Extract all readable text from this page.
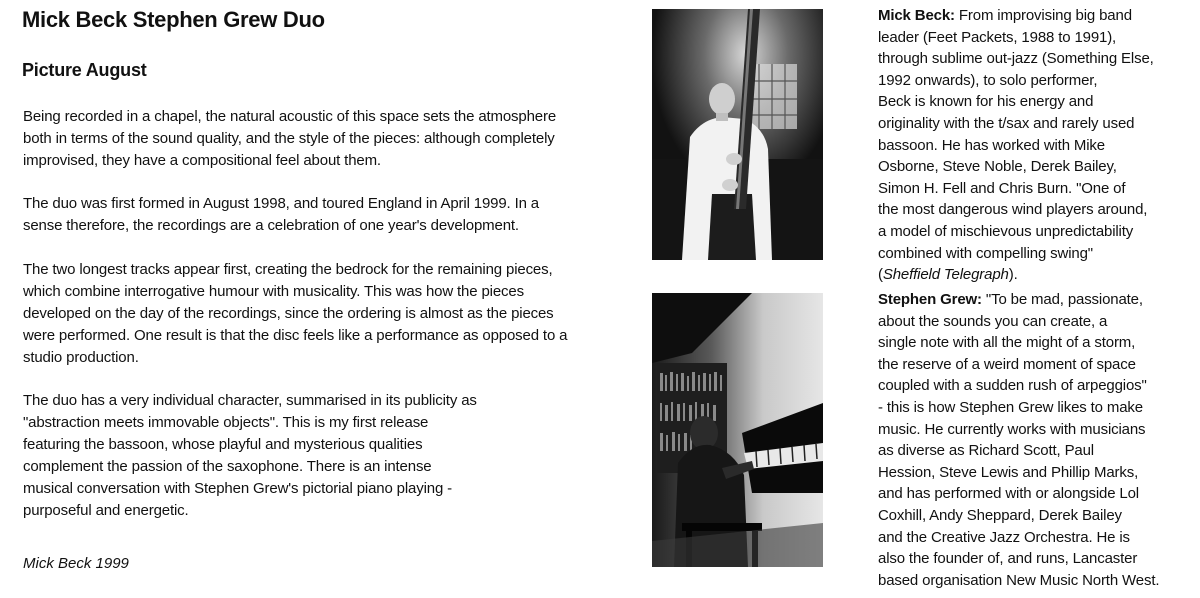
Mick Beck Stephen Grew Duo
Picture August

Being recorded in a chapel, the natural acoustic of this space sets the atmosphere
both in terms of the sound quality, and the style of the pieces: although completely
improvised, they have a compositional feel about them.

The duo was first formed in August 1998, and toured England in April 1999. In a
sense therefore, the recordings are a celebration of one year's development.

The two longest tracks appear first, creating the bedrock for the remaining pieces,
which combine interrogative humour with musicality. This was how the pieces
developed on the day of the recordings, since the ordering is almost as the pieces
were performed. One result is that the disc feels like a performance as opposed to a
studio production.

The duo has a very individual character, summarised in its publicity as
"abstraction meets immovable objects". This is my first release
featuring the bassoon, whose playful and mysterious qualities
complement the passion of the saxophone. There is an intense
musical conversation with Stephen Grew's pictorial piano playing -
purposeful and energetic.

Mick Beck 1999

Mick Beck: From improvising big band
leader (Feet Packets, 1988 to 1991),
through sublime out-jazz (Something Else,
1992 onwards), to solo performer,
Beck is known for his energy and
originality with the t/sax and rarely used
bassoon. He has worked with Mike
Osborne, Steve Noble, Derek Bailey,
Simon H. Fell and Chris Burn. "One of
the most dangerous wind players around,
a model of mischievous unpredictability
combined with compelling swing"
(Sheffield Telegraph).

Stephen Grew: "To be mad, passionate,
about the sounds you can create, a
single note with all the might of a storm,
the reserve of a weird moment of space
coupled with a sudden rush of arpeggios"
- this is how Stephen Grew likes to make
music. He currently works with musicians
as diverse as Richard Scott, Paul
Hession, Steve Lewis and Phillip Marks,
and has performed with or alongside Lol
Coxhill, Andy Sheppard, Derek Bailey
and the Creative Jazz Orchestra. He is
also the founder of, and runs, Lancaster
based organisation New Music North West.
